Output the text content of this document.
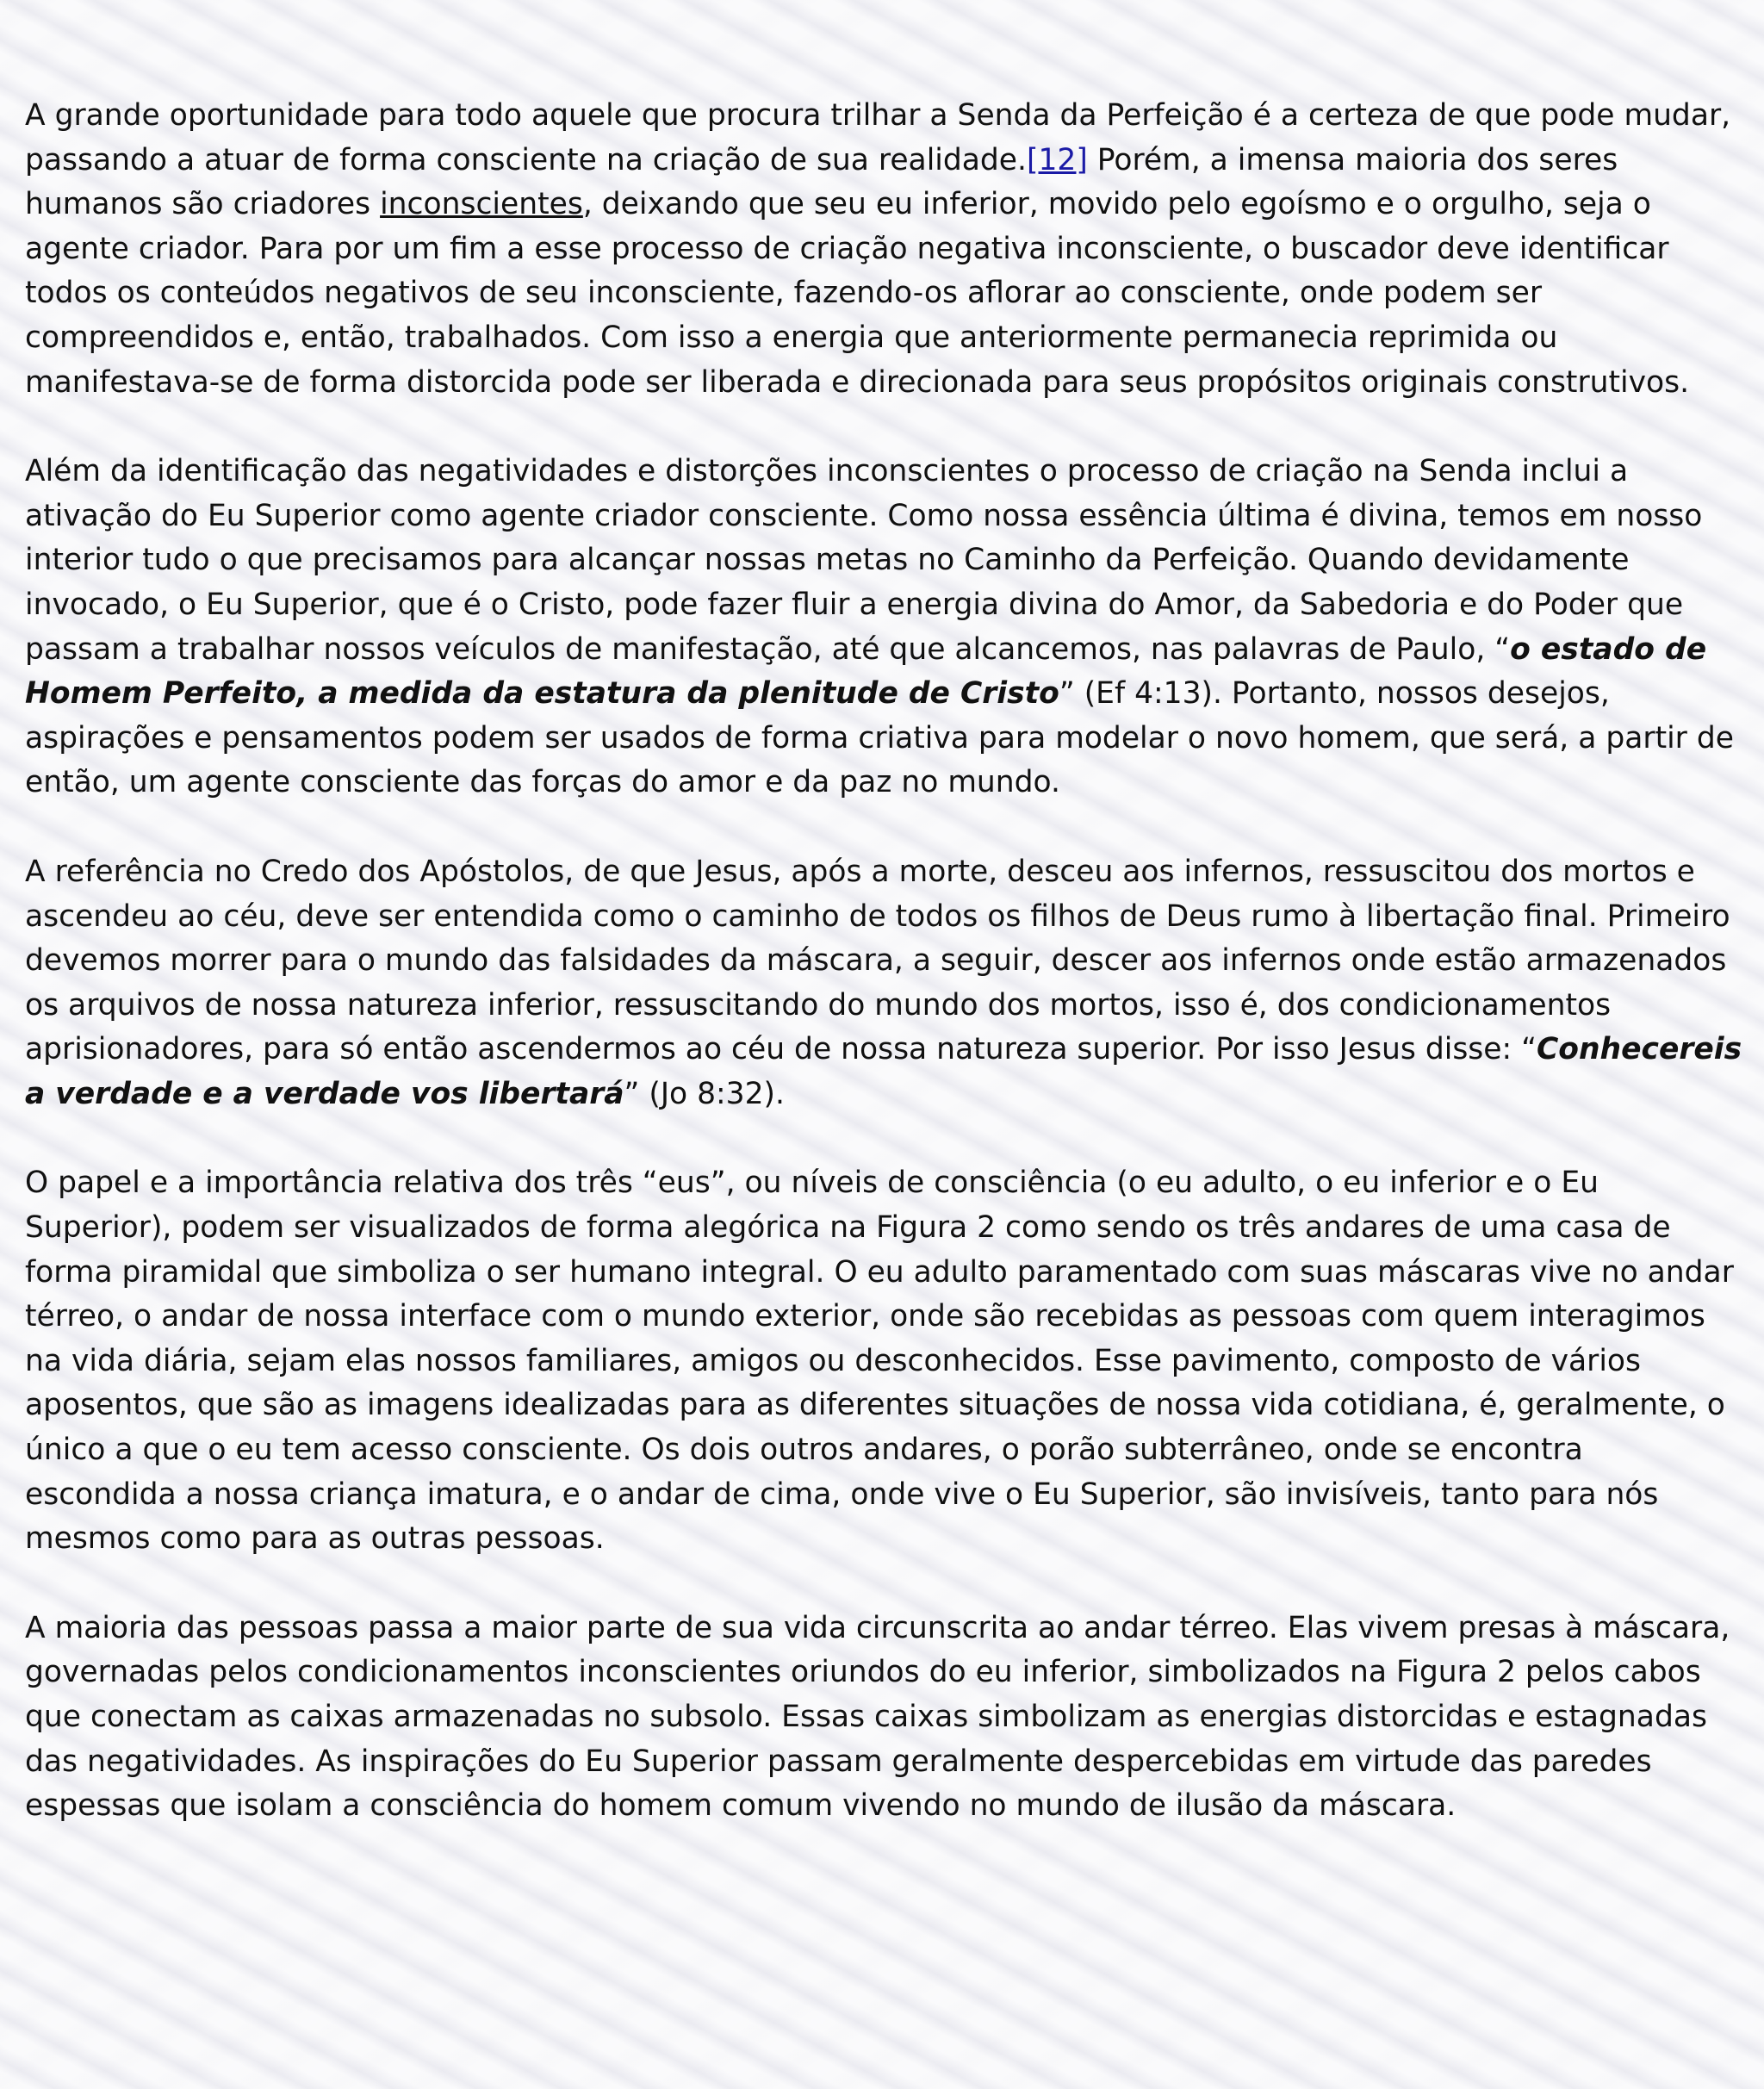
A grande oportunidade para todo aquele que procura trilhar a Senda da Perfeição é a certeza de que pode mudar, passando a atuar de forma consciente na criação de sua realidade.[12] Porém, a imensa maioria dos seres humanos são criadores inconscientes, deixando que seu eu inferior, movido pelo egoísmo e o orgulho, seja o agente criador. Para por um fim a esse processo de criação negativa inconsciente, o buscador deve identificar todos os conteúdos negativos de seu inconsciente, fazendo-os aflorar ao consciente, onde podem ser compreendidos e, então, trabalhados. Com isso a energia que anteriormente permanecia reprimida ou manifestava-se de forma distorcida pode ser liberada e direcionada para seus propósitos originais construtivos.

Além da identificação das negatividades e distorções inconscientes o processo de criação na Senda inclui a ativação do Eu Superior como agente criador consciente. Como nossa essência última é divina, temos em nosso interior tudo o que precisamos para alcançar nossas metas no Caminho da Perfeição. Quando devidamente invocado, o Eu Superior, que é o Cristo, pode fazer fluir a energia divina do Amor, da Sabedoria e do Poder que passam a trabalhar nossos veículos de manifestação, até que alcancemos, nas palavras de Paulo, “o estado de Homem Perfeito, a medida da estatura da plenitude de Cristo” (Ef 4:13). Portanto, nossos desejos, aspirações e pensamentos podem ser usados de forma criativa para modelar o novo homem, que será, a partir de então, um agente consciente das forças do amor e da paz no mundo.

A referência no Credo dos Apóstolos, de que Jesus, após a morte, desceu aos infernos, ressuscitou dos mortos e ascendeu ao céu, deve ser entendida como o caminho de todos os filhos de Deus rumo à libertação final. Primeiro devemos morrer para o mundo das falsidades da máscara, a seguir, descer aos infernos onde estão armazenados os arquivos de nossa natureza inferior, ressuscitando do mundo dos mortos, isso é, dos condicionamentos aprisionadores, para só então ascendermos ao céu de nossa natureza superior. Por isso Jesus disse: “Conhecereis a verdade e a verdade vos libertará” (Jo 8:32).

O papel e a importância relativa dos três “eus”, ou níveis de consciência (o eu adulto, o eu inferior e o Eu Superior), podem ser visualizados de forma alegórica na Figura 2 como sendo os três andares de uma casa de forma piramidal que simboliza o ser humano integral. O eu adulto paramentado com suas máscaras vive no andar térreo, o andar de nossa interface com o mundo exterior, onde são recebidas as pessoas com quem interagimos na vida diária, sejam elas nossos familiares, amigos ou desconhecidos. Esse pavimento, composto de vários aposentos, que são as imagens idealizadas para as diferentes situações de nossa vida cotidiana, é, geralmente, o único a que o eu tem acesso consciente. Os dois outros andares, o porão subterrâneo, onde se encontra escondida a nossa criança imatura, e o andar de cima, onde vive o Eu Superior, são invisíveis, tanto para nós mesmos como para as outras pessoas.

A maioria das pessoas passa a maior parte de sua vida circunscrita ao andar térreo. Elas vivem presas à máscara, governadas pelos condicionamentos inconscientes oriundos do eu inferior, simbolizados na Figura 2 pelos cabos que conectam as caixas armazenadas no subsolo. Essas caixas simbolizam as energias distorcidas e estagnadas das negatividades. As inspirações do Eu Superior passam geralmente despercebidas em virtude das paredes espessas que isolam a consciência do homem comum vivendo no mundo de ilusão da máscara.
